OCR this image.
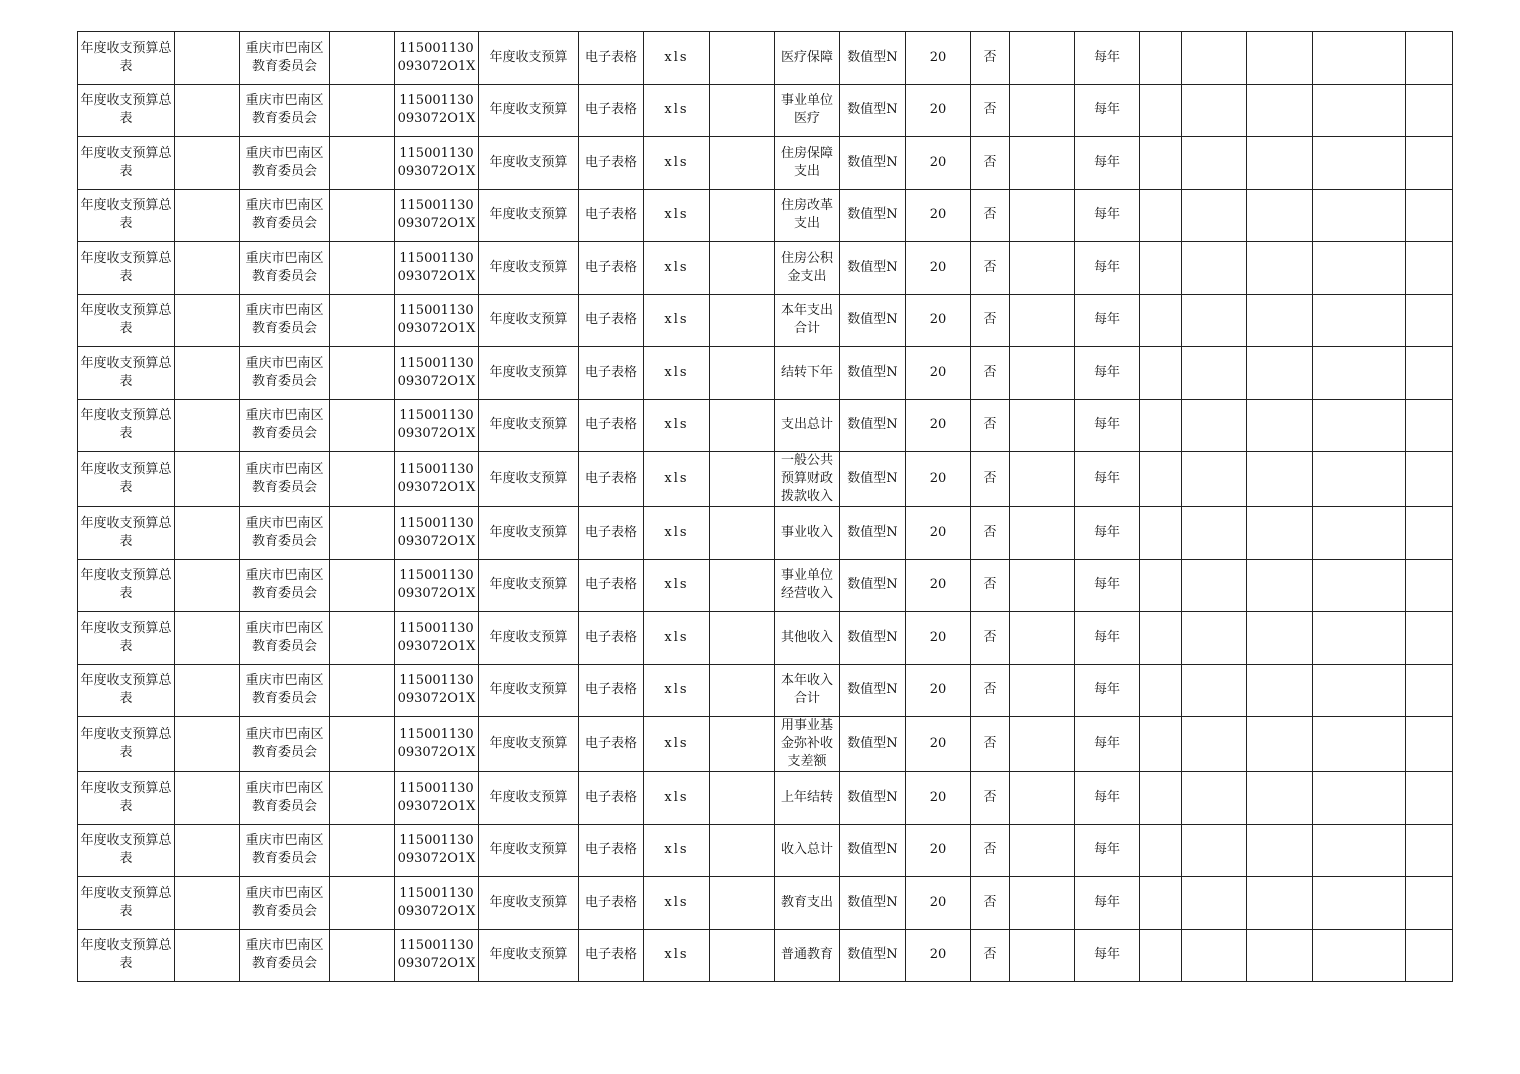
年度收支预算总表		重庆市巴南区教育委员会		115001130093072O1X	年度收支预算	电子表格	xls		医疗保障	数值型N	20	否		每年					
年度收支预算总表		重庆市巴南区教育委员会		115001130093072O1X	年度收支预算	电子表格	xls		事业单位医疗	数值型N	20	否		每年					
年度收支预算总表		重庆市巴南区教育委员会		115001130093072O1X	年度收支预算	电子表格	xls		住房保障支出	数值型N	20	否		每年					
年度收支预算总表		重庆市巴南区教育委员会		115001130093072O1X	年度收支预算	电子表格	xls		住房改革支出	数值型N	20	否		每年					
年度收支预算总表		重庆市巴南区教育委员会		115001130093072O1X	年度收支预算	电子表格	xls		住房公积金支出	数值型N	20	否		每年					
年度收支预算总表		重庆市巴南区教育委员会		115001130093072O1X	年度收支预算	电子表格	xls		本年支出合计	数值型N	20	否		每年					
年度收支预算总表		重庆市巴南区教育委员会		115001130093072O1X	年度收支预算	电子表格	xls		结转下年	数值型N	20	否		每年					
年度收支预算总表		重庆市巴南区教育委员会		115001130093072O1X	年度收支预算	电子表格	xls		支出总计	数值型N	20	否		每年					
年度收支预算总表		重庆市巴南区教育委员会		115001130093072O1X	年度收支预算	电子表格	xls		一般公共预算财政拨款收入	数值型N	20	否		每年					
年度收支预算总表		重庆市巴南区教育委员会		115001130093072O1X	年度收支预算	电子表格	xls		事业收入	数值型N	20	否		每年					
年度收支预算总表		重庆市巴南区教育委员会		115001130093072O1X	年度收支预算	电子表格	xls		事业单位经营收入	数值型N	20	否		每年					
年度收支预算总表		重庆市巴南区教育委员会		115001130093072O1X	年度收支预算	电子表格	xls		其他收入	数值型N	20	否		每年					
年度收支预算总表		重庆市巴南区教育委员会		115001130093072O1X	年度收支预算	电子表格	xls		本年收入合计	数值型N	20	否		每年					
年度收支预算总表		重庆市巴南区教育委员会		115001130093072O1X	年度收支预算	电子表格	xls		用事业基金弥补收支差额	数值型N	20	否		每年					
年度收支预算总表		重庆市巴南区教育委员会		115001130093072O1X	年度收支预算	电子表格	xls		上年结转	数值型N	20	否		每年					
年度收支预算总表		重庆市巴南区教育委员会		115001130093072O1X	年度收支预算	电子表格	xls		收入总计	数值型N	20	否		每年					
年度收支预算总表		重庆市巴南区教育委员会		115001130093072O1X	年度收支预算	电子表格	xls		教育支出	数值型N	20	否		每年					
年度收支预算总表		重庆市巴南区教育委员会		115001130093072O1X	年度收支预算	电子表格	xls		普通教育	数值型N	20	否		每年					
